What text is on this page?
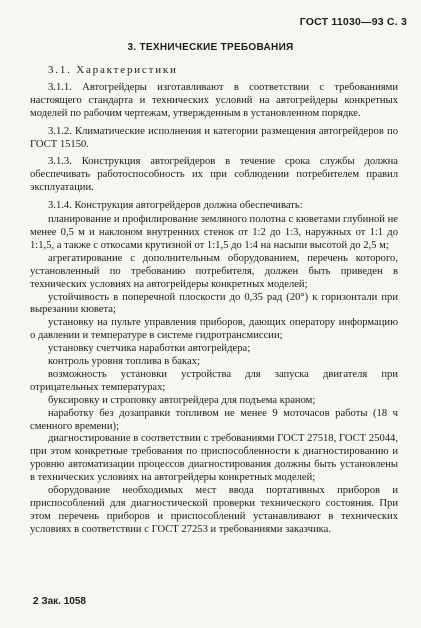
ГОСТ 11030—93 С. 3
3. ТЕХНИЧЕСКИЕ ТРЕБОВАНИЯ

3.1. Характеристики

3.1.1. Автогрейдеры изготавливают в соответствии с требованиями настоящего стандарта и технических условий на автогрейдеры конкретных моделей по рабочим чертежам, утвержденным в установленном порядке.

3.1.2. Климатические исполнения и категории размещения автогрейдеров по ГОСТ 15150.

3.1.3. Конструкция автогрейдеров в течение срока службы должна обеспечивать работоспособность их при соблюдении потребителем правил эксплуатации.

3.1.4. Конструкция автогрейдеров должна обеспечивать:

планирование и профилирование земляного полотна с кюветами глубиной не менее 0,5 м и наклоном внутренних стенок от 1:2 до 1:3, наружных от 1:1 до 1:1,5, а также с откосами крутизной от 1:1,5 до 1:4 на насыпи высотой до 2,5 м;

агрегатирование с дополнительным оборудованием, перечень которого, установленный по требованию потребителя, должен быть приведен в технических условиях на автогрейдеры конкретных моделей;

устойчивость в поперечной плоскости до 0,35 рад (20°) к горизонтали при вырезании кювета;

установку на пульте управления приборов, дающих оператору информацию о давлении и температуре в системе гидротрансмиссии;

установку счетчика наработки автогрейдера;

контроль уровня топлива в баках;

возможность установки устройства для запуска двигателя при отрицательных температурах;

буксировку и строповку автогрейдера для подъема краном;

наработку без дозаправки топливом не менее 9 моточасов работы (18 ч сменного времени);

диагностирование в соответствии с требованиями ГОСТ 27518, ГОСТ 25044, при этом конкретные требования по приспособленности к диагностированию и уровню автоматизации процессов диагностирования должны быть установлены в технических условиях на автогрейдеры конкретных моделей;

оборудование необходимых мест ввода портативных приборов и приспособлений для диагностической проверки технического состояния. При этом перечень приборов и приспособлений устанавливают в технических условиях в соответствии с ГОСТ 27253 и требованиями заказчика.

2 Зак. 1058
